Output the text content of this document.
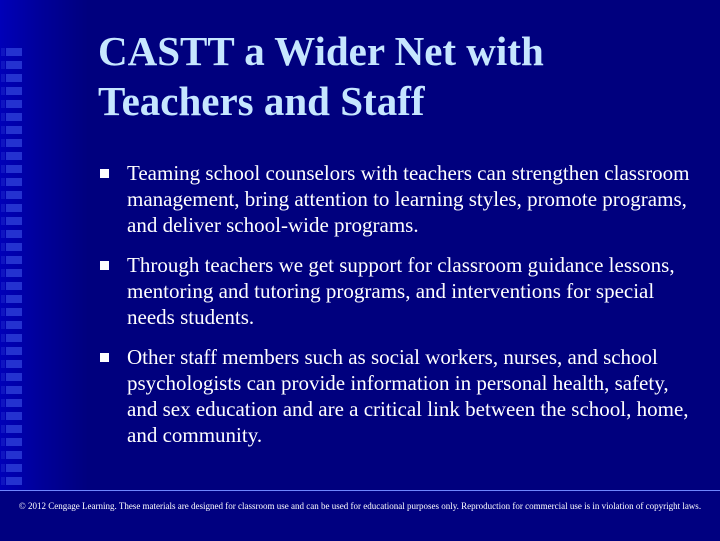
CASTT a Wider Net with
Teachers and Staff
Teaming school counselors with teachers can strengthen classroom management, bring attention to learning styles, promote programs, and deliver school-wide programs.
Through teachers we get support for classroom guidance lessons, mentoring and tutoring programs, and interventions for special needs students.
Other staff members such as social workers, nurses, and school psychologists can provide information in personal health, safety, and sex education and are a critical link between the school, home, and community.

© 2012 Cengage Learning. These materials are designed for classroom use and can be used for educational purposes only. Reproduction for commercial use is in violation of copyright laws.
